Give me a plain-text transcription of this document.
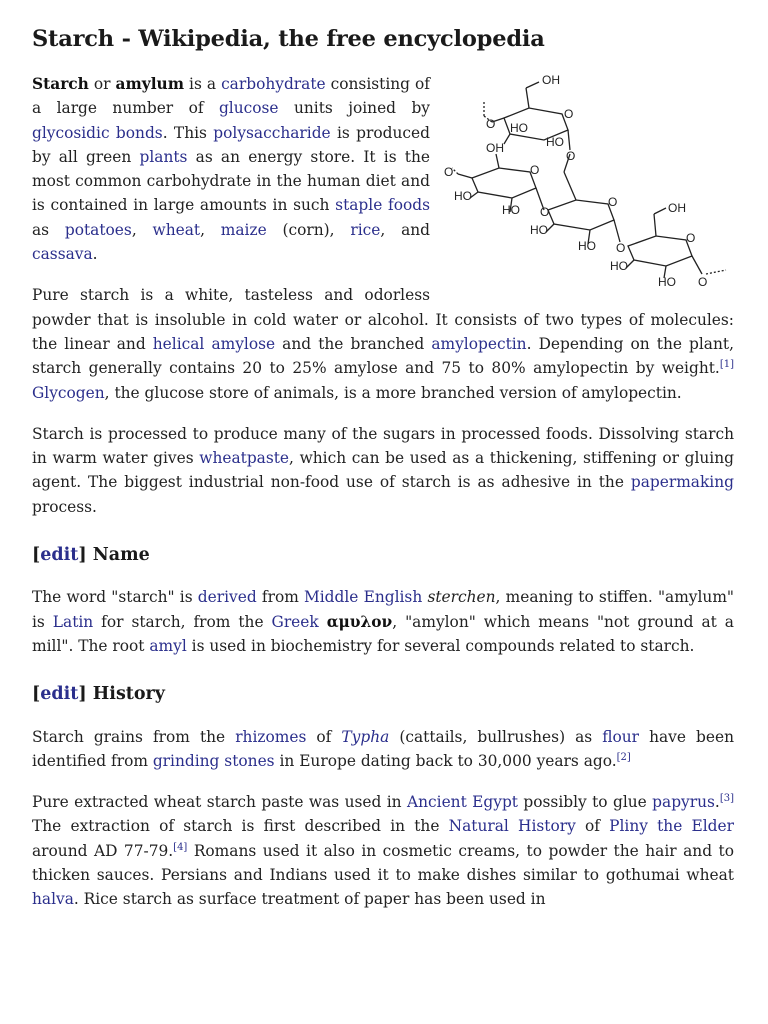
Starch - Wikipedia, the free encyclopedia
OH
O
HO
HO
O
O
OH
O
O
HO
HO O
O
HO
HO O
OH
O
HO
HO O

Starch or amylum is a carbohydrate consisting of a large number of glucose units joined by glycosidic bonds. This polysaccharide is produced by all green plants as an energy store. It is the most common carbohydrate in the human diet and is contained in large amounts in such staple foods as potatoes, wheat, maize (corn), rice, and cassava.

Pure starch is a white, tasteless and odorless powder that is insoluble in cold water or alcohol. It consists of two types of molecules: the linear and helical amylose and the branched amylopectin. Depending on the plant, starch generally contains 20 to 25% amylose and 75 to 80% amylopectin by weight.[1] Glycogen, the glucose store of animals, is a more branched version of amylopectin.

Starch is processed to produce many of the sugars in processed foods. Dissolving starch in warm water gives wheatpaste, which can be used as a thickening, stiffening or gluing agent. The biggest industrial non-food use of starch is as adhesive in the papermaking process.

[edit] Name

The word "starch" is derived from Middle English sterchen, meaning to stiffen. "amylum" is Latin for starch, from the Greek αμυλον, "amylon" which means "not ground at a mill". The root amyl is used in biochemistry for several compounds related to starch.

[edit] History

Starch grains from the rhizomes of Typha (cattails, bullrushes) as flour have been identified from grinding stones in Europe dating back to 30,000 years ago.[2]

Pure extracted wheat starch paste was used in Ancient Egypt possibly to glue papyrus.[3] The extraction of starch is first described in the Natural History of Pliny the Elder around AD 77-79.[4] Romans used it also in cosmetic creams, to powder the hair and to thicken sauces. Persians and Indians used it to make dishes similar to gothumai wheat halva. Rice starch as surface treatment of paper has been used in
